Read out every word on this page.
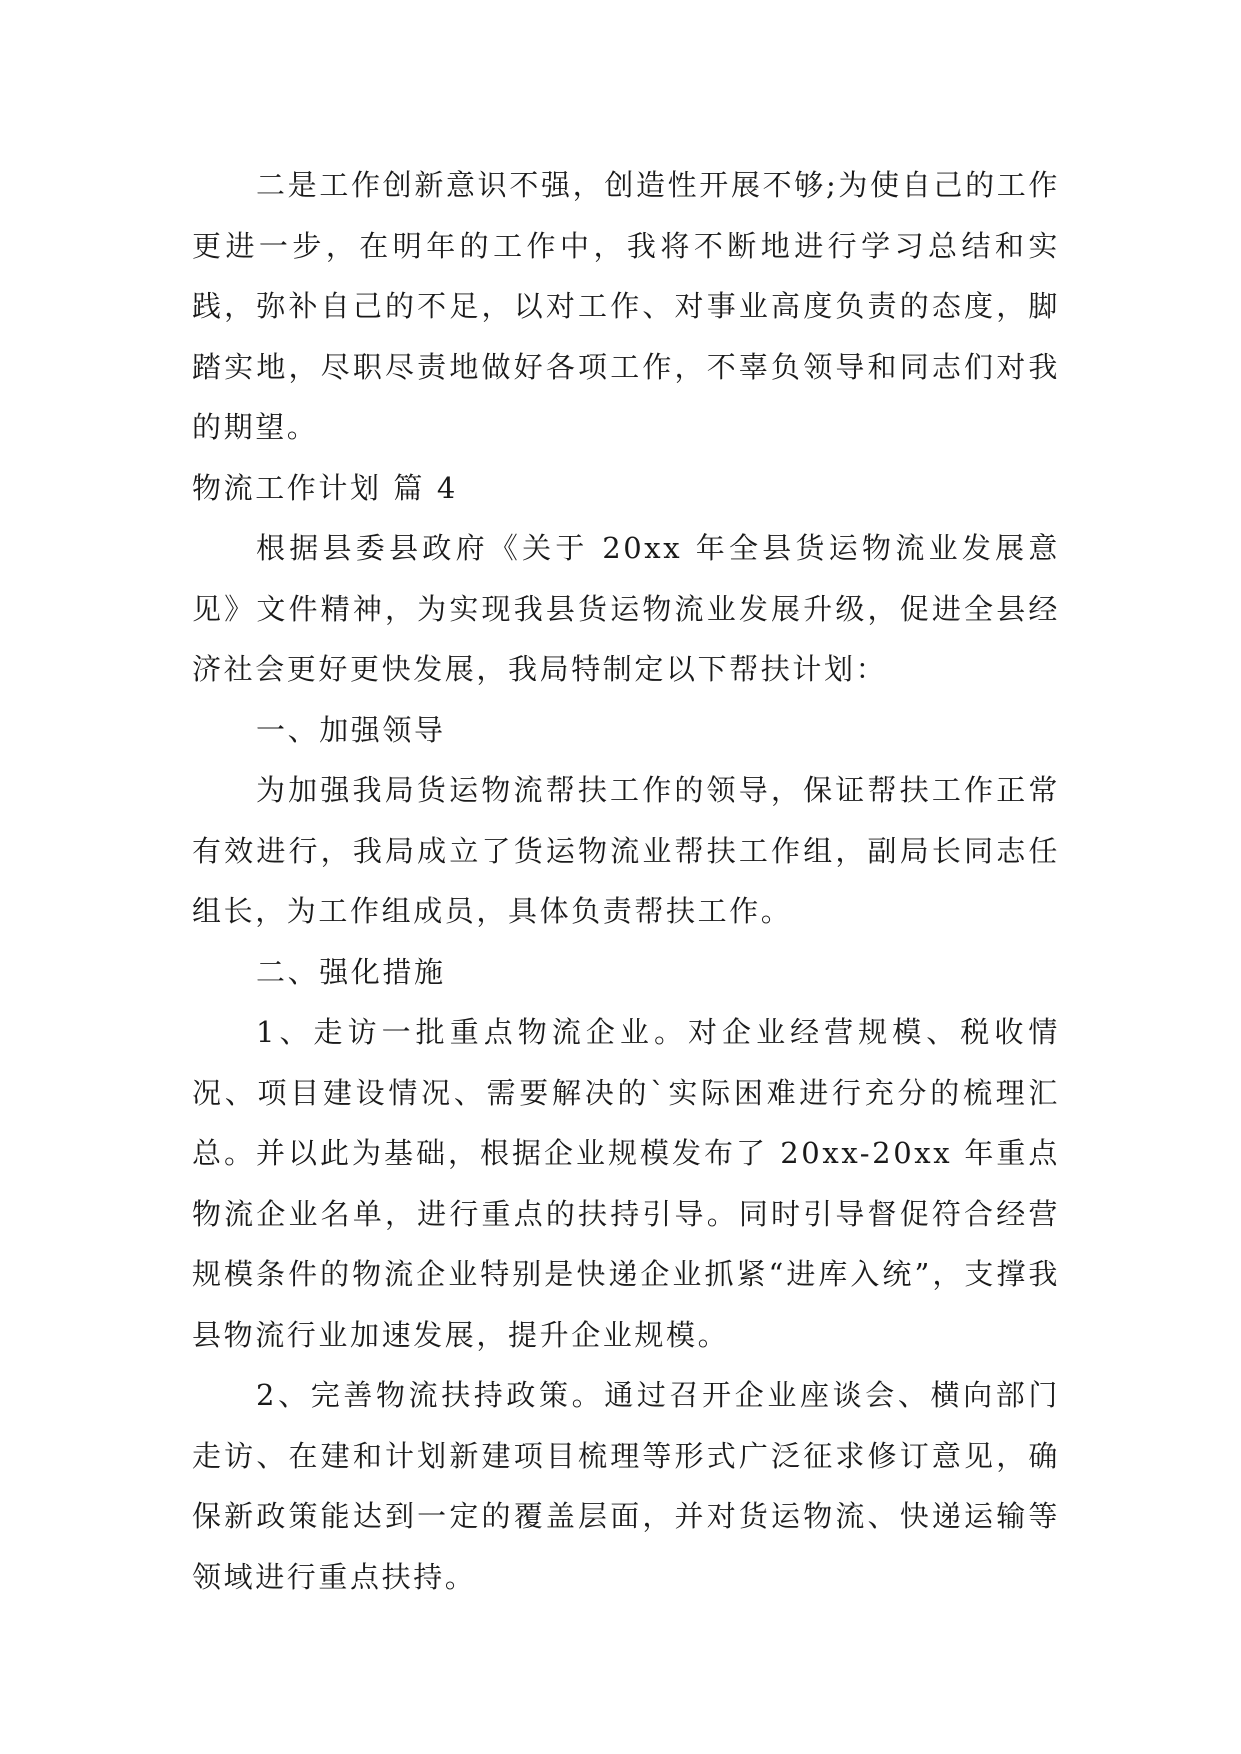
二是工作创新意识不强，创造性开展不够;为使自己的工作更进一步，在明年的工作中，我将不断地进行学习总结和实践，弥补自己的不足，以对工作、对事业高度负责的态度，脚踏实地，尽职尽责地做好各项工作，不辜负领导和同志们对我的期望。

物流工作计划 篇 4

根据县委县政府《关于 20xx 年全县货运物流业发展意见》文件精神，为实现我县货运物流业发展升级，促进全县经济社会更好更快发展，我局特制定以下帮扶计划：

一、加强领导

为加强我局货运物流帮扶工作的领导，保证帮扶工作正常有效进行，我局成立了货运物流业帮扶工作组，副局长同志任组长，为工作组成员，具体负责帮扶工作。

二、强化措施

1、走访一批重点物流企业。对企业经营规模、税收情况、项目建设情况、需要解决的`实际困难进行充分的梳理汇总。并以此为基础，根据企业规模发布了 20xx-20xx 年重点物流企业名单，进行重点的扶持引导。同时引导督促符合经营规模条件的物流企业特别是快递企业抓紧“进库入统”，支撑我县物流行业加速发展，提升企业规模。

2、完善物流扶持政策。通过召开企业座谈会、横向部门走访、在建和计划新建项目梳理等形式广泛征求修订意见，确保新政策能达到一定的覆盖层面，并对货运物流、快递运输等领域进行重点扶持。
